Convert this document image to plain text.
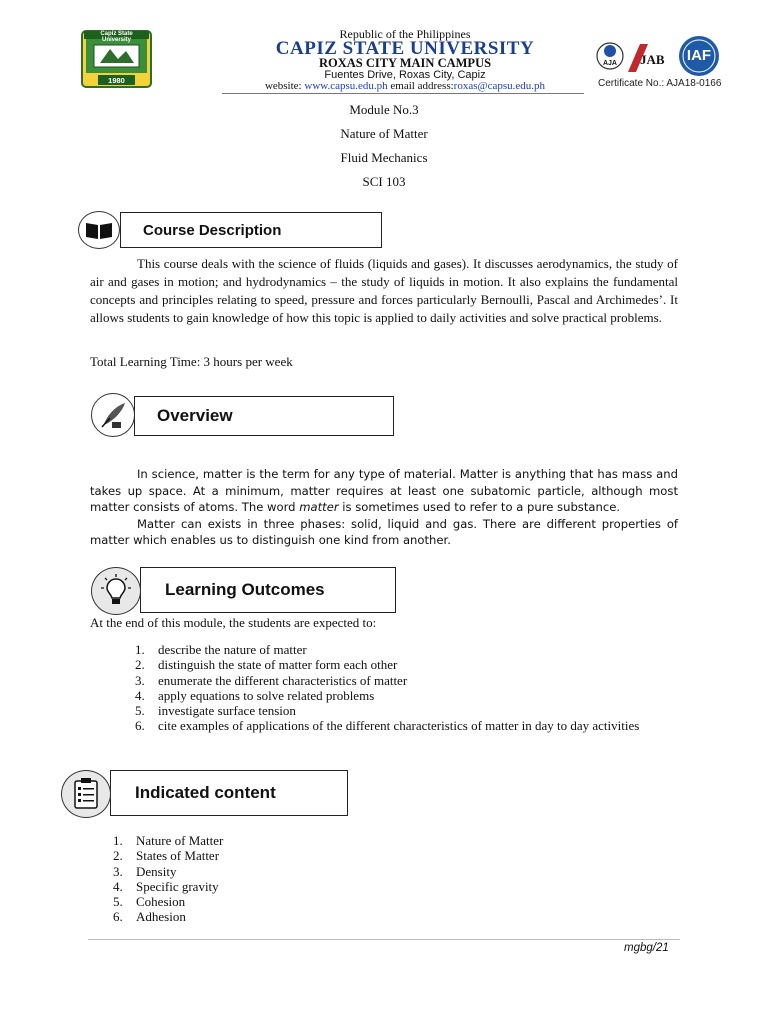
Capiz State University
1980
Republic of the Philippines
CAPIZ STATE UNIVERSITY
ROXAS CITY MAIN CAMPUS
Fuentes Drive, Roxas City, Capiz
website: www.capsu.edu.ph email address:roxas@capsu.edu.ph
AJA	JAB	IAF
Certificate No.: AJA18-0166
Module No.3
Nature of Matter
Fluid Mechanics
SCI 103
Course Description

This course deals with the science of fluids (liquids and gases). It discusses aerodynamics, the study of air and gases in motion; and hydrodynamics – the study of liquids in motion. It also explains the fundamental concepts and principles relating to speed, pressure and forces particularly Bernoulli, Pascal and Archimedes’. It allows students to gain knowledge of how this topic is applied to daily activities and solve practical problems.

Total Learning Time: 3 hours per week
Overview

In science, matter is the term for any type of material. Matter is anything that has mass and takes up space. At a minimum, matter requires at least one subatomic particle, although most matter consists of atoms. The word matter is sometimes used to refer to a pure substance.

Matter can exists in three phases: solid, liquid and gas. There are different properties of matter which enables us to distinguish one kind from another.

Learning Outcomes
At the end of this module, the students are expected to:
1. describe the nature of matter
2. distinguish the state of matter form each other
3. enumerate the different characteristics of matter
4. apply equations to solve related problems
5. investigate surface tension
6. cite examples of applications of the different characteristics of matter in day to day activities
Indicated content
1. Nature of Matter
2. States of Matter
3. Density
4. Specific gravity
5. Cohesion
6. Adhesion
mgbg/21
